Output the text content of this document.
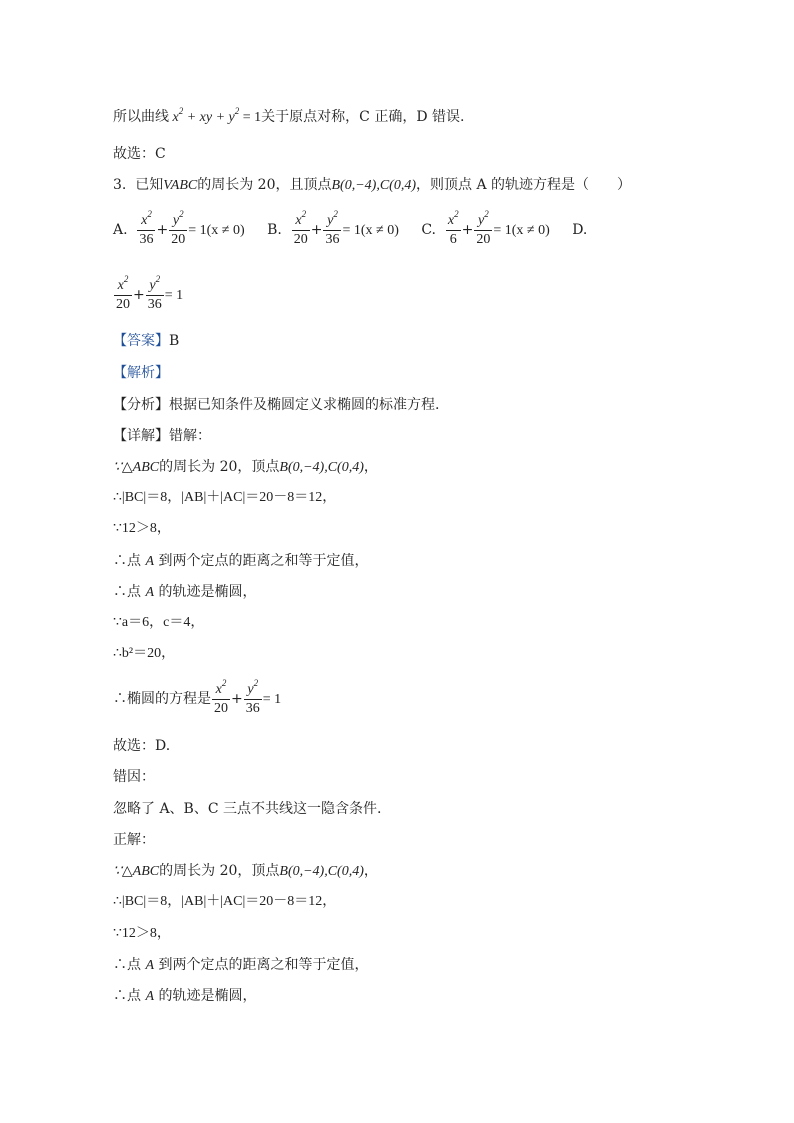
所以曲线 $x^2$ + xy + $y^2 = 1$关于原点对称，C 正确，D 错误.
故选：C
3. 已知VABC的周长为 20，且顶点B(0,−4),C(0,4)，则顶点 A 的轨迹方程是（　　）
A. $\frac{x^2}{36} + \frac{y^2}{20} = 1(x \ne 0)$ B. $\frac{x^2}{20} + \frac{y^2}{36} = 1(x \ne 0)$ C. $\frac{x^2}{6} + \frac{y^2}{20} = 1(x \ne 0)$ D.
$\frac{x^2}{20} + \frac{y^2}{36} = 1$
【答案】B
【解析】
【分析】根据已知条件及椭圆定义求椭圆的标准方程.
【详解】错解：
∵△ABC的周长为 20，顶点B(0,−4),C(0,4)，
∴|BC|＝8，|AB|＋|AC|＝20－8＝12，
∵12＞8，
∴点 A 到两个定点的距离之和等于定值，
∴点 A 的轨迹是椭圆，
∵a＝6，c＝4，
∴b²＝20，
∴椭圆的方程是 $\frac{x^2}{20} + \frac{y^2}{36} = 1$
故选：D.
错因：
忽略了 A、B、C 三点不共线这一隐含条件.
正解：
∵△ABC的周长为 20，顶点B(0,−4),C(0,4)，
∴|BC|＝8，|AB|＋|AC|＝20－8＝12，
∵12＞8，
∴点 A 到两个定点的距离之和等于定值，
∴点 A 的轨迹是椭圆，
